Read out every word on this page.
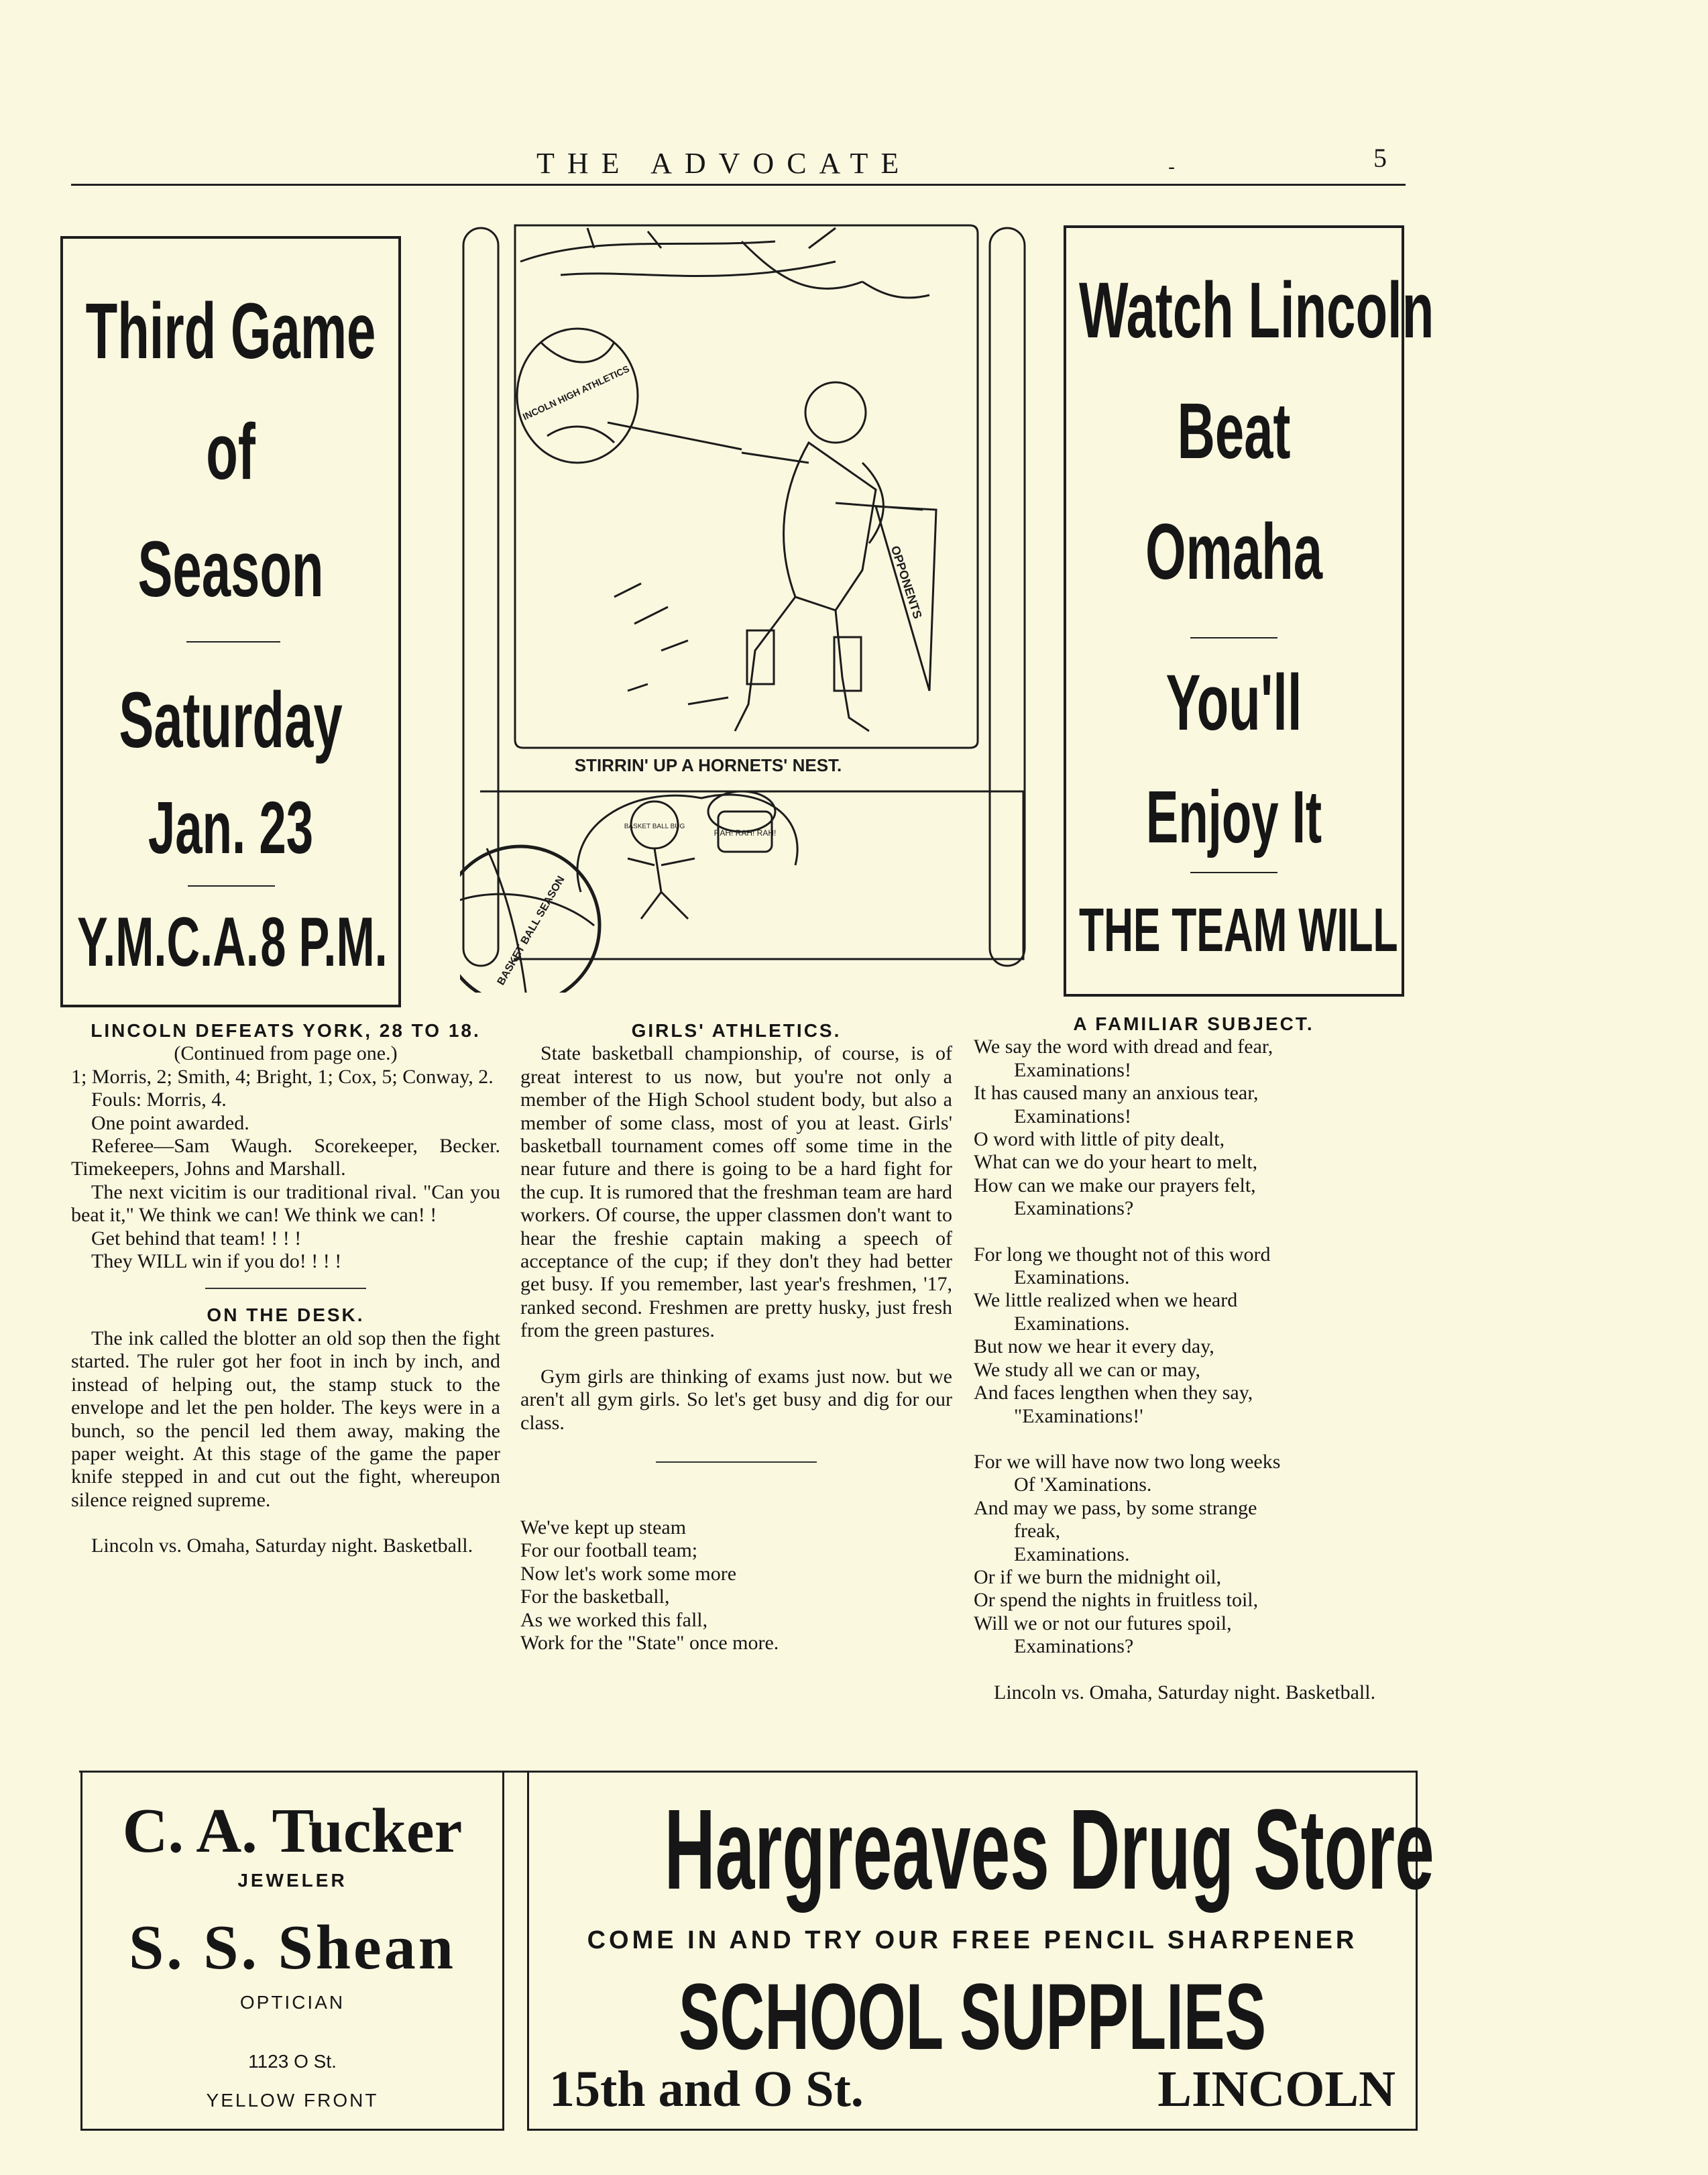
THE ADVOCATE	-	5
Third Game
of
Season
Saturday
Jan. 23
Y.M.C.A. 8 P.M.
STIRRIN' UP A HORNETS' NEST.
INCOLN HIGH ATHLETICS
OPPONENTS
BASKET BALL BUG
RAH! RAH! RAH!
BASKET BALL SEASON
Watch Lincoln
Beat
Omaha
You'll
Enjoy It
THE TEAM WILL

LINCOLN DEFEATS YORK, 28 TO 18.

(Continued from page one.)

1; Morris, 2; Smith, 4; Bright, 1; Cox, 5; Conway, 2.

Fouls: Morris, 4.

One point awarded.

Referee—Sam Waugh. Scorekeeper, Becker. Timekeepers, Johns and Marshall.

The next vicitim is our traditional rival. "Can you beat it," We think we can! We think we can! !

Get behind that team! ! ! !

They WILL win if you do! ! ! !

ON THE DESK.

The ink called the blotter an old sop then the fight started. The ruler got her foot in inch by inch, and instead of helping out, the stamp stuck to the envelope and let the pen holder. The keys were in a bunch, so the pencil led them away, making the paper weight. At this stage of the game the paper knife stepped in and cut out the fight, whereupon silence reigned supreme.

Lincoln vs. Omaha, Saturday night. Basketball.

GIRLS' ATHLETICS.

State basketball championship, of course, is of great interest to us now, but you're not only a member of the High School student body, but also a member of some class, most of you at least. Girls' basketball tournament comes off some time in the near future and there is going to be a hard fight for the cup. It is rumored that the freshman team are hard workers. Of course, the upper classmen don't want to hear the freshie captain making a speech of acceptance of the cup; if they don't they had better get busy. If you remember, last year's freshmen, '17, ranked second. Freshmen are pretty husky, just fresh from the green pastures.

Gym girls are thinking of exams just now. but we aren't all gym girls. So let's get busy and dig for our class.

We've kept up steam

For our football team;

Now let's work some more

For the basketball,

As we worked this fall,

Work for the "State" once more.

A FAMILIAR SUBJECT.

We say the word with dread and fear,

Examinations!

It has caused many an anxious tear,

Examinations!

O word with little of pity dealt,

What can we do your heart to melt,

How can we make our prayers felt,

Examinations?

For long we thought not of this word

Examinations.

We little realized when we heard

Examinations.

But now we hear it every day,

We study all we can or may,

And faces lengthen when they say,

"Examinations!'

For we will have now two long weeks

Of 'Xaminations.

And may we pass, by some strange

freak,

Examinations.

Or if we burn the midnight oil,

Or spend the nights in fruitless toil,

Will we or not our futures spoil,

Examinations?

Lincoln vs. Omaha, Saturday night. Basketball.

C. A. Tucker
JEWELER
S. S. Shean
OPTICIAN
1123 O St.
YELLOW FRONT
Hargreaves Drug Store
COME IN AND TRY OUR FREE PENCIL SHARPENER
SCHOOL SUPPLIES
15th and O St.	LINCOLN
